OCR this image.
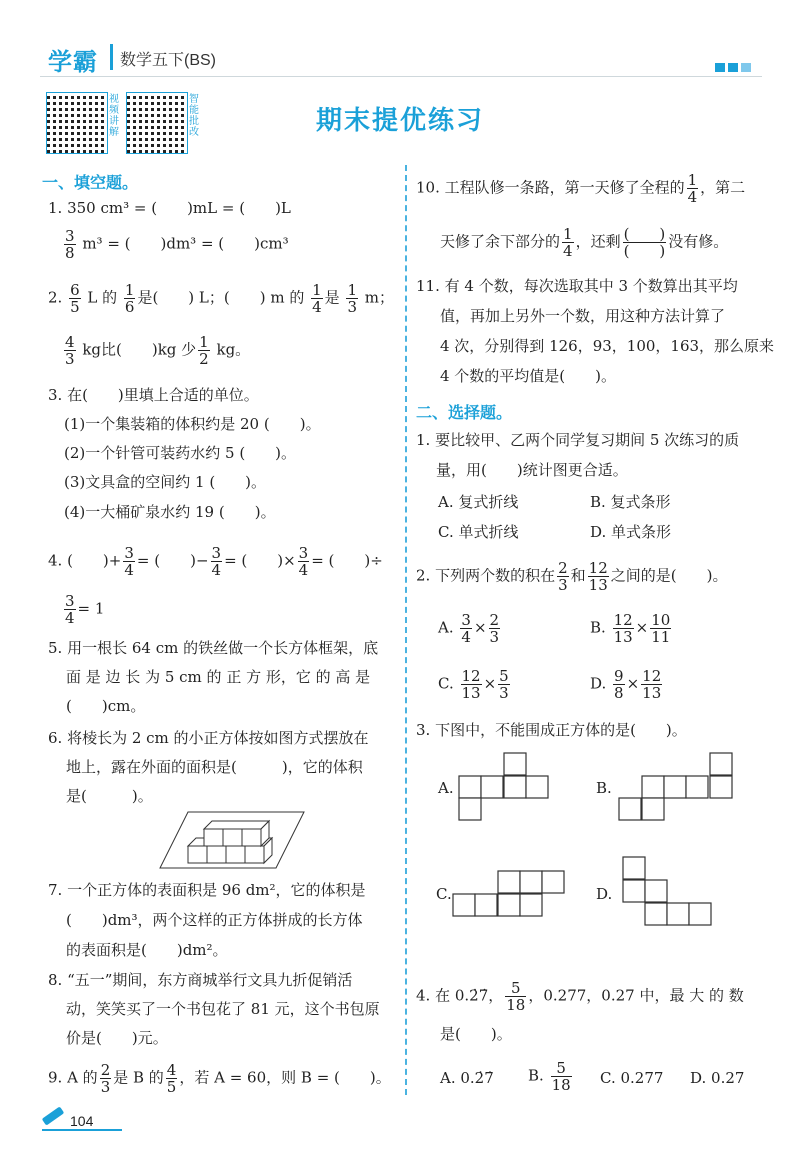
学霸 数学五下(BS)
视频讲解
智能批改	期末提优练习
一、填空题。
1. 350 cm³ = (　　)mL = (　　)L
$\frac{3}{8} m^3$ = (　　)dm³ = (　　)cm³
2. $\frac{6}{5}$ L 的 $\frac{1}{6}$ 是(　　) L；(　　) m 的 $\frac{1}{4}$ 是 $\frac{1}{3}$ m；
$\frac{4}{3}$ kg比(　　)kg 少 $\frac{1}{2}$ kg。
3. 在(　　)里填上合适的单位。
(1)一个集装箱的体积约是 20 (　　)。
(2)一个针管可装药水约 5 (　　)。
(3)文具盒的空间约 1 (　　)。
(4)一大桶矿泉水约 19 (　　)。
4. (　　)+ $\frac{3}{4}$ = (　　)− $\frac{3}{4}$ = (　　)× $\frac{3}{4}$ = (　　)÷
$\frac{3}{4} = 1$
5. 用一根长 64 cm 的铁丝做一个长方体框架，底
面 是 边 长 为 5 cm 的 正 方 形，它 的 高 是
(　　)cm。
6. 将棱长为 2 cm 的小正方体按如图方式摆放在
地上，露在外面的面积是(　　　)，它的体积
是(　　　)。
7. 一个正方体的表面积是 96 dm²，它的体积是
(　　)dm³，两个这样的正方体拼成的长方体
的表面积是(　　)dm²。
8. “五一”期间，东方商城举行文具九折促销活
动，笑笑买了一个书包花了 81 元，这个书包原
价是(　　)元。
9. A 的 $\frac{2}{3}$ 是 B 的 $\frac{4}{5}$ ，若 A = 60，则 B = (　　)。
10. 工程队修一条路，第一天修了全程的 $\frac{1}{4}$ ，第二
天修了余下部分的 $\frac{1}{4}$ ，还剩 $\frac{( )}{( )}$ 没有修。
11. 有 4 个数，每次选取其中 3 个数算出其平均
值，再加上另外一个数，用这种方法计算了
4 次，分别得到 126，93，100，163，那么原来
4 个数的平均值是(　　)。
二、选择题。
1. 要比较甲、乙两个同学复习期间 5 次练习的质
量，用(　　)统计图更合适。
A. 复式折线	B. 复式条形
C. 单式折线	D. 单式条形
2. 下列两个数的积在 $\frac{2}{3}$ 和 $\frac{12}{13}$ 之间的是(　　)。
A. $\frac{3}{4} \times \frac{2}{3}$	B. $\frac{12}{13} \times \frac{10}{11}$
C. $\frac{12}{13} \times \frac{5}{3}$	D. $\frac{9}{8} \times \frac{12}{13}$
3. 下图中，不能围成正方体的是(　　)。
A.	B.
C.	D.
4. 在 0.2̇7̇， $\frac{5}{18}$ ，0.277，0.27 中，最 大 的 数
是(　　)。
A. 0.2̇7̇ B. $\frac{5}{18} C$. 0.277 D. 0.27
104
